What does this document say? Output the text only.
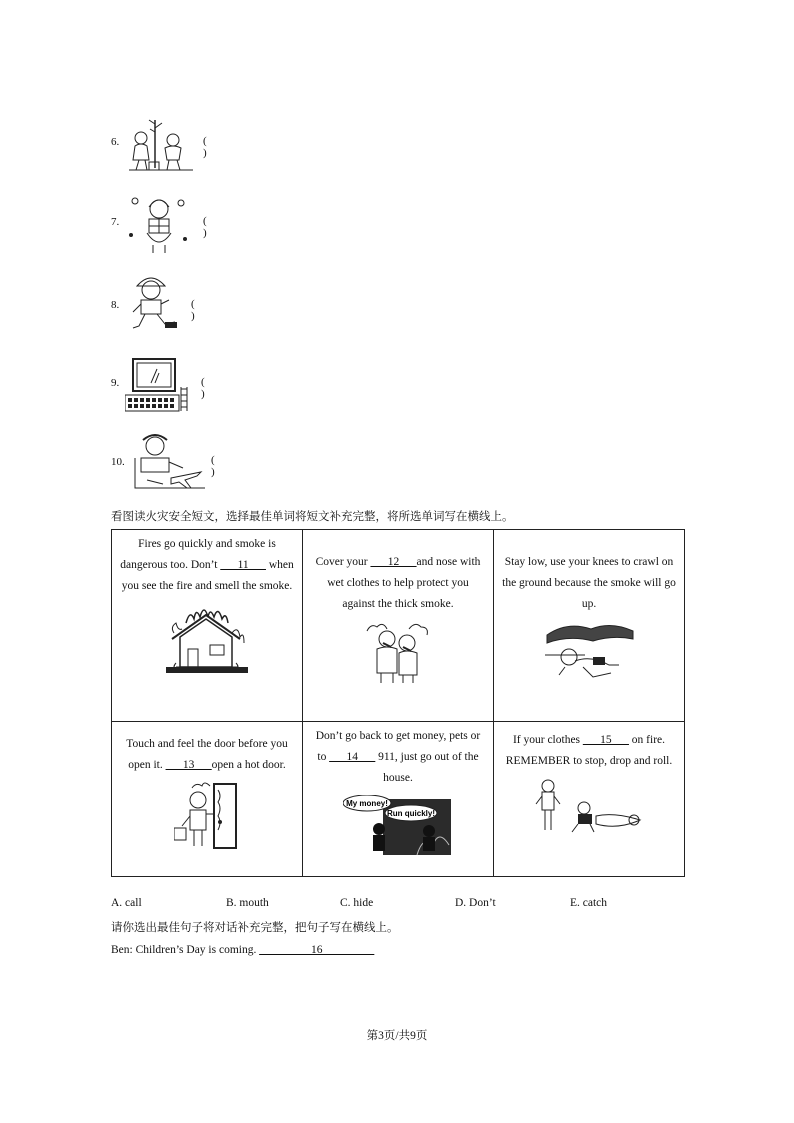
6.	( )
7.	( )
8.	( )
9.	( )
10.	( )
看图读火灾安全短文，选择最佳单词将短文补充完整，将所选单词写在横线上。
Fires go quickly and smoke is dangerous too. Don’t ___11___ when you see the fire and smell the smoke.	Cover your ___12___and nose with wet clothes to help protect you against the thick smoke.	Stay low, use your knees to crawl on the ground because the smoke will go up.

Touch and feel the door before you open it. ___13___open a hot door.	Don’t go back to get money, pets or to ___14___ 911, just go out of the house.
My money!
Run quickly!	If your clothes ___15___ on fire. REMEMBER to stop, drop and roll.
A. call	B. mouth	C. hide	D. Don’t	E. catch
请你选出最佳句子将对话补充完整，把句子写在横线上。
Ben: Children’s Day is coming. _________16_________
第3页/共9页
